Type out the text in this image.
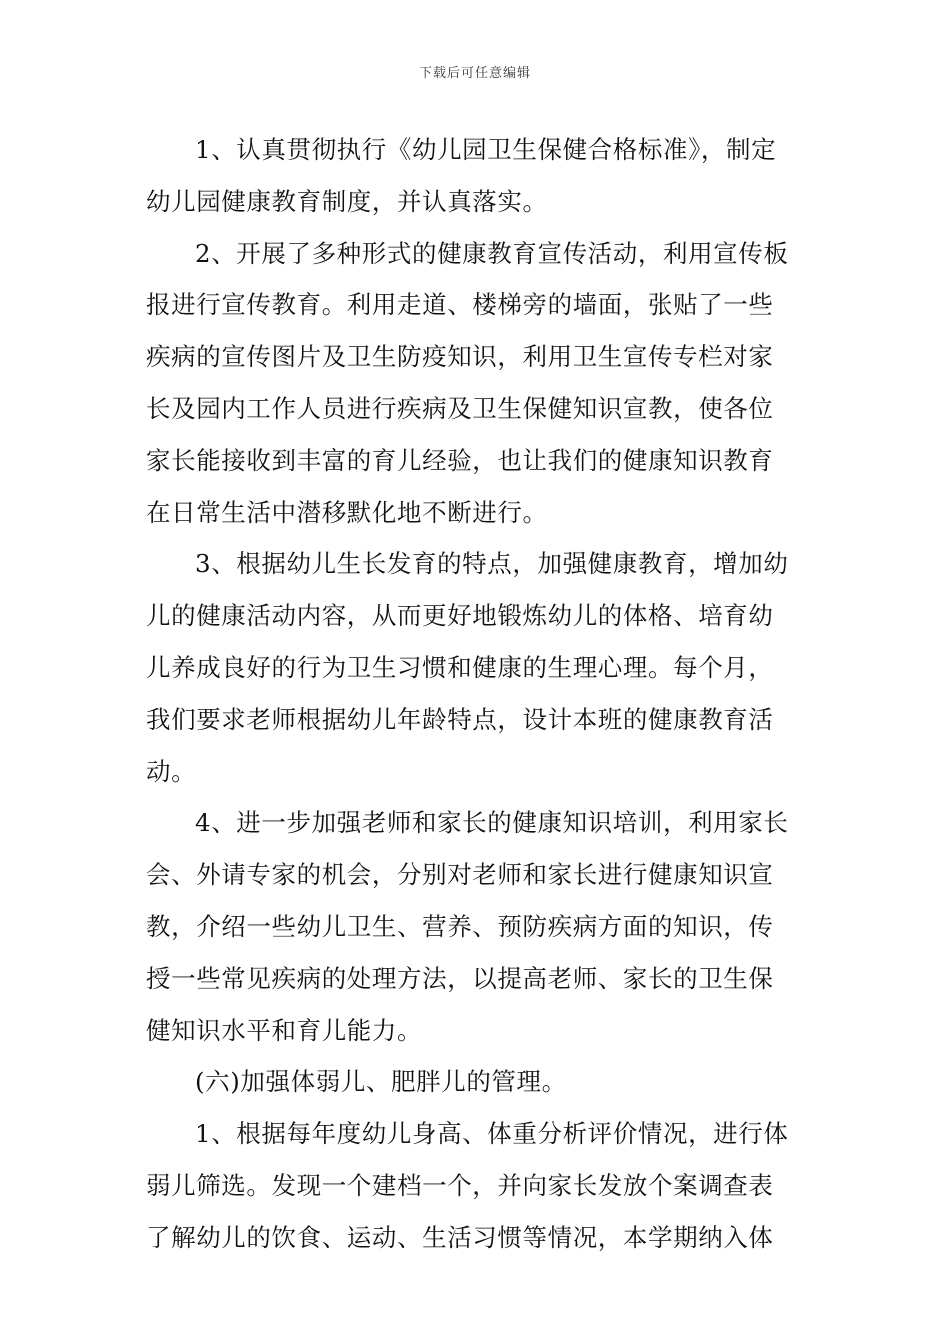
下载后可任意编辑
1、认真贯彻执行《幼儿园卫生保健合格标准》，制定
幼儿园健康教育制度，并认真落实。
2、开展了多种形式的健康教育宣传活动，利用宣传板
报进行宣传教育。利用走道、楼梯旁的墙面，张贴了一些
疾病的宣传图片及卫生防疫知识，利用卫生宣传专栏对家
长及园内工作人员进行疾病及卫生保健知识宣教，使各位
家长能接收到丰富的育儿经验，也让我们的健康知识教育
在日常生活中潜移默化地不断进行。
3、根据幼儿生长发育的特点，加强健康教育，增加幼
儿的健康活动内容，从而更好地锻炼幼儿的体格、培育幼
儿养成良好的行为卫生习惯和健康的生理心理。每个月，
我们要求老师根据幼儿年龄特点，设计本班的健康教育活
动。
4、进一步加强老师和家长的健康知识培训，利用家长
会、外请专家的机会，分别对老师和家长进行健康知识宣
教，介绍一些幼儿卫生、营养、预防疾病方面的知识，传
授一些常见疾病的处理方法，以提高老师、家长的卫生保
健知识水平和育儿能力。
(六)加强体弱儿、肥胖儿的管理。
1、根据每年度幼儿身高、体重分析评价情况，进行体
弱儿筛选。发现一个建档一个，并向家长发放个案调查表
了解幼儿的饮食、运动、生活习惯等情况，本学期纳入体
